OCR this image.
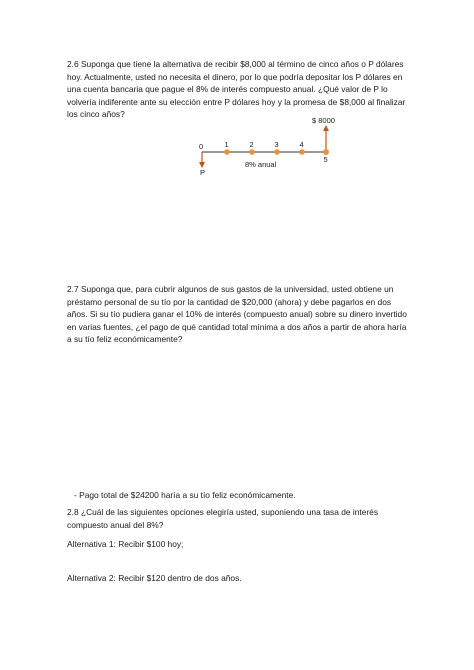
2.6 Suponga que tiene la alternativa de recibir $8,000 al término de cinco años o P dólares hoy. Actualmente, usted no necesita el dinero, por lo que podría depositar los P dólares en una cuenta bancaria que pague el 8% de interés compuesto anual. ¿Qué valor de P lo volvería indiferente ante su elección entre P dólares hoy y la promesa de $8,000 al finalizar los cinco años?

$ 8000
P
0	1	2	3	4
5
8% anual

2.7 Suponga que, para cubrir algunos de sus gastos de la universidad, usted obtiene un préstamo personal de su tío por la cantidad de $20,000 (ahora) y debe pagarlos en dos años. Si su tío pudiera ganar el 10% de interés (compuesto anual) sobre su dinero invertido en varias fuentes, ¿el pago de qué cantidad total mínima a dos años a partir de ahora haría a su tío feliz económicamente?

- Pago total de $24200 haría a su tío feliz económicamente.

2.8 ¿Cuál de las siguientes opciones elegiría usted, suponiendo una tasa de interés compuesto anual del 8%?

Alternativa 1: Recibir $100 hoy;

Alternativa 2: Recibir $120 dentro de dos años.
